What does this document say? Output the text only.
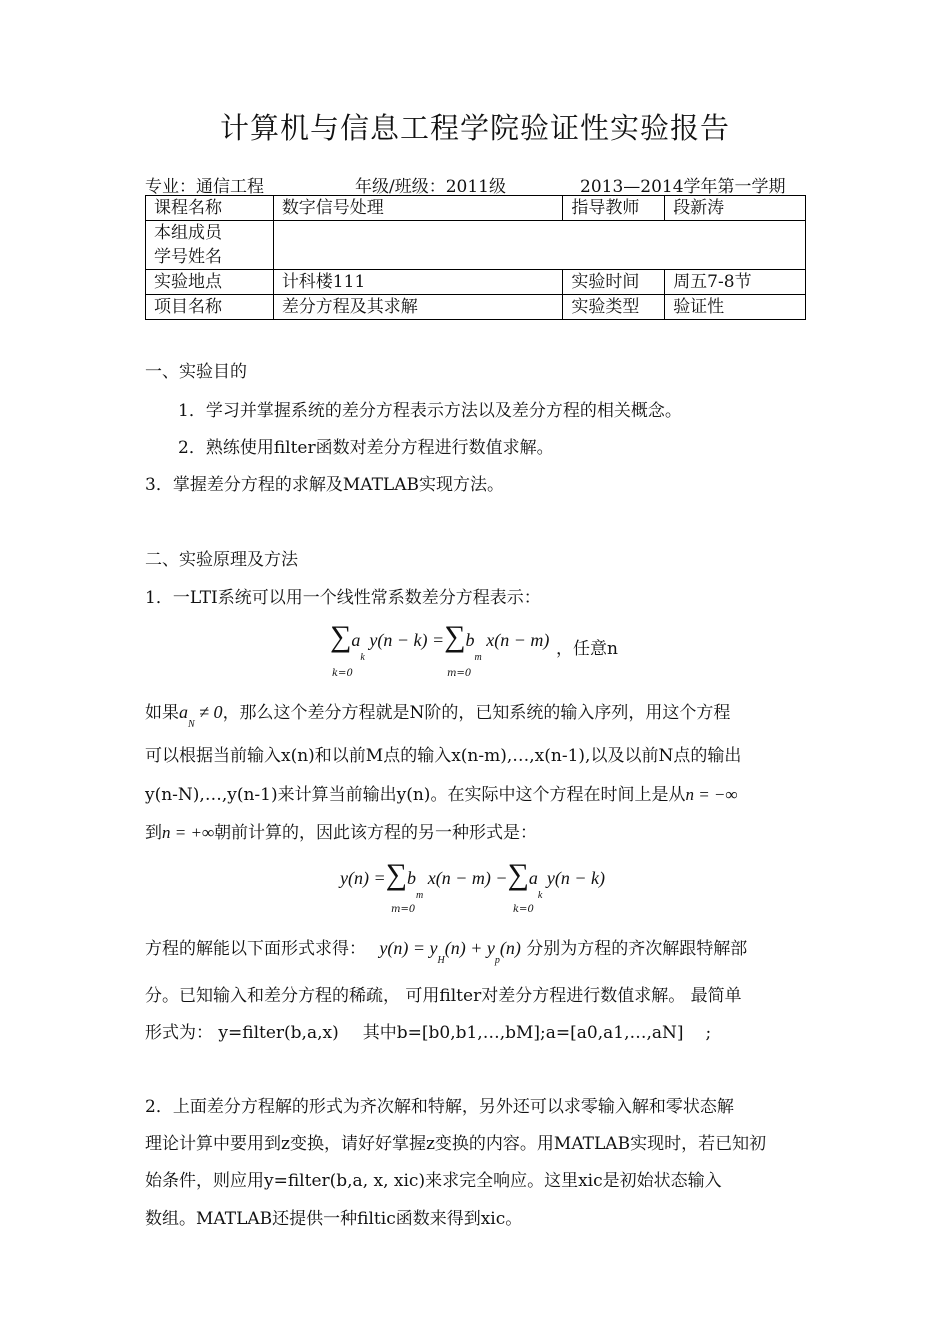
计算机与信息工程学院验证性实验报告
专业：通信工程	年级/班级：2011级	2013—2014学年第一学期
课程名称	数字信号处理	指导教师	段新涛

本组成员
学号姓名			

实验地点	计科楼111	实验时间	周五7-8节
项目名称	差分方程及其求解	实验类型	验证性
一、实验目的
1．学习并掌握系统的差分方程表示方法以及差分方程的相关概念。
2．熟练使用filter函数对差分方程进行数值求解。
3．掌握差分方程的求解及MATLAB实现方法。
二、实验原理及方法
1．一LTI系统可以用一个线性常系数差分方程表示：
$\sum a_k$ $y(n - k) =\sum b_m$ x(n − m) ，任意n
k=0	m=0
如果$a_N \ne 0$，那么这个差分方程就是N阶的，已知系统的输入序列，用这个方程
可以根据当前输入x(n)和以前M点的输入x(n-m),…,x(n-1),以及以前N点的输出
y(n-N),…,y(n-1)来计算当前输出y(n)。在实际中这个方程在时间上是从n = −∞
到n = +∞朝前计算的，因此该方程的另一种形式是：
$y(n) =\sum b_m$ $x(n - m) -\sum a_k$ y(n − k)
m=0	k=0
方程的解能以下面形式求得： $y(n) = y_H(n) + y_p(n)$ 分别为方程的齐次解跟特解部
分。已知输入和差分方程的稀疏， 可用filter对差分方程进行数值求解。 最简单
形式为： y=filter(b,a,x) 其中b=[b0,b1,…,bM];a=[a0,a1,…,aN] ;
2．上面差分方程解的形式为齐次解和特解，另外还可以求零输入解和零状态解
理论计算中要用到z变换，请好好掌握z变换的内容。用MATLAB实现时，若已知初
始条件，则应用y=filter(b,a, x, xic)来求完全响应。这里xic是初始状态输入
数组。MATLAB还提供一种filtic函数来得到xic。
